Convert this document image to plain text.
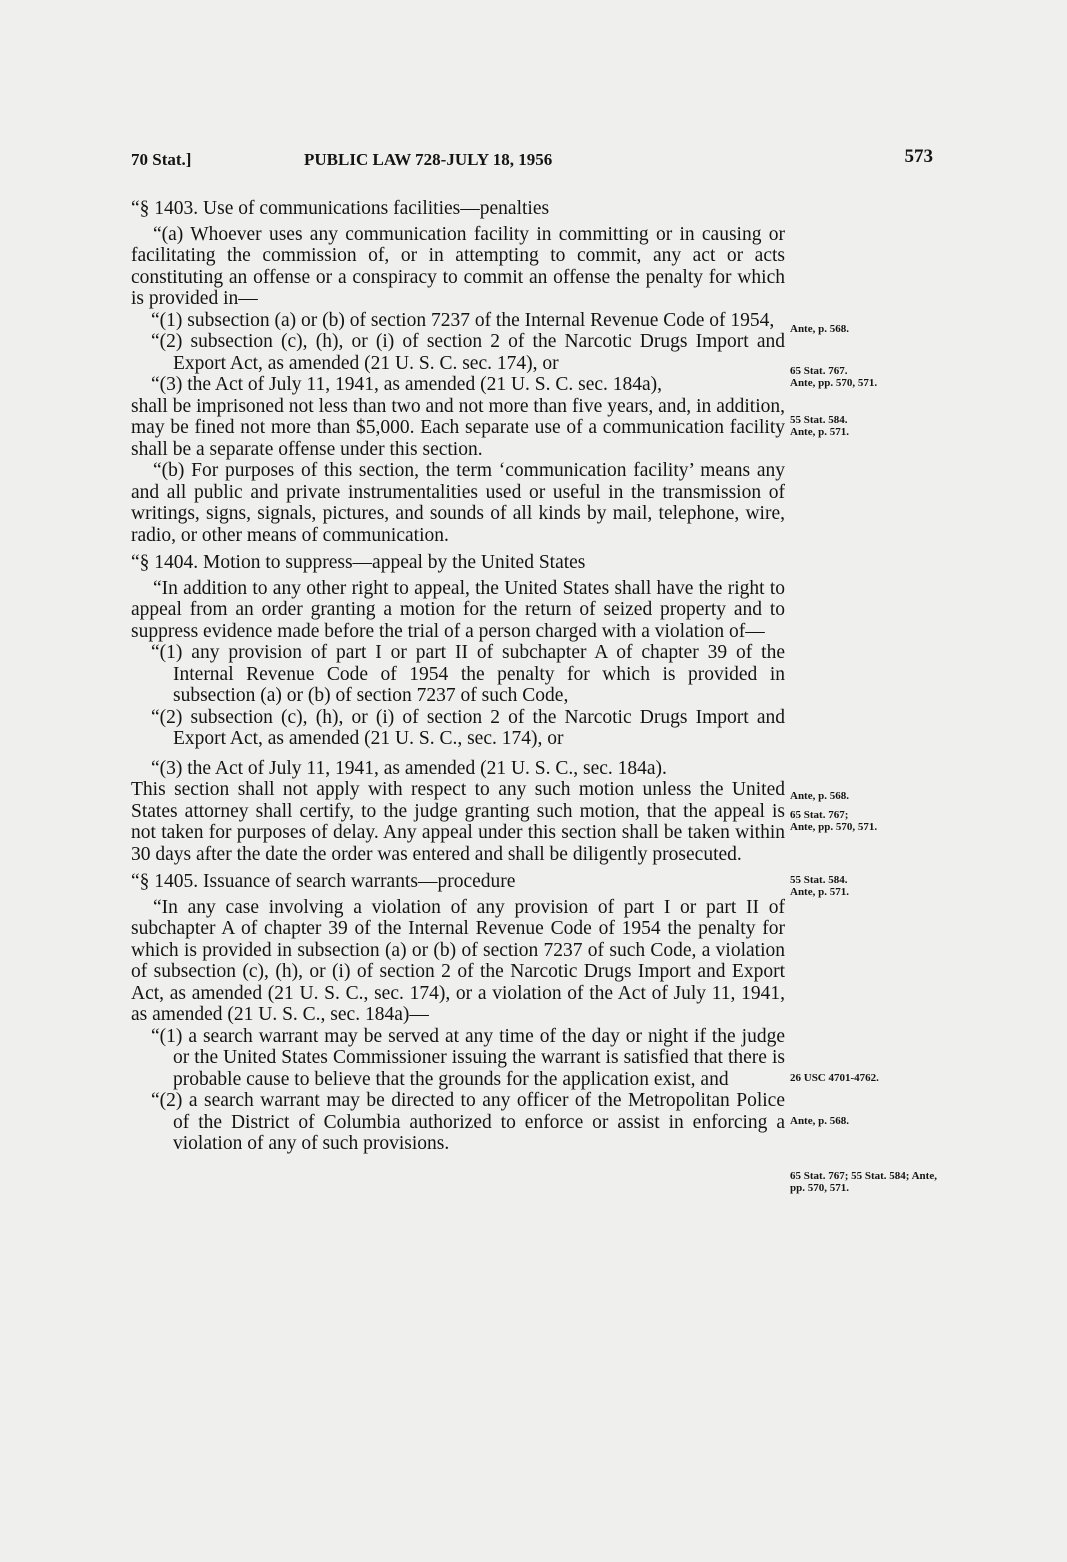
70 Stat.]	PUBLIC LAW 728-JULY 18, 1956	573

“§ 1403. Use of communications facilities—penalties

“(a) Whoever uses any communication facility in committing or in causing or facilitating the commission of, or in attempting to commit, any act or acts constituting an offense or a conspiracy to commit an offense the penalty for which is provided in—

“(1) subsection (a) or (b) of section 7237 of the Internal Revenue Code of 1954,

“(2) subsection (c), (h), or (i) of section 2 of the Narcotic Drugs Import and Export Act, as amended (21 U. S. C. sec. 174), or

“(3) the Act of July 11, 1941, as amended (21 U. S. C. sec. 184a),

shall be imprisoned not less than two and not more than five years, and, in addition, may be fined not more than $5,000. Each separate use of a communication facility shall be a separate offense under this section.

“(b) For purposes of this section, the term ‘communication facility’ means any and all public and private instrumentalities used or useful in the transmission of writings, signs, signals, pictures, and sounds of all kinds by mail, telephone, wire, radio, or other means of communication.

“§ 1404. Motion to suppress—appeal by the United States

“In addition to any other right to appeal, the United States shall have the right to appeal from an order granting a motion for the return of seized property and to suppress evidence made before the trial of a person charged with a violation of—

“(1) any provision of part I or part II of subchapter A of chapter 39 of the Internal Revenue Code of 1954 the penalty for which is provided in subsection (a) or (b) of section 7237 of such Code,

“(2) subsection (c), (h), or (i) of section 2 of the Narcotic Drugs Import and Export Act, as amended (21 U. S. C., sec. 174), or

“(3) the Act of July 11, 1941, as amended (21 U. S. C., sec. 184a).

This section shall not apply with respect to any such motion unless the United States attorney shall certify, to the judge granting such motion, that the appeal is not taken for purposes of delay. Any appeal under this section shall be taken within 30 days after the date the order was entered and shall be diligently prosecuted.

“§ 1405. Issuance of search warrants—procedure

“In any case involving a violation of any provision of part I or part II of subchapter A of chapter 39 of the Internal Revenue Code of 1954 the penalty for which is provided in subsection (a) or (b) of section 7237 of such Code, a violation of subsection (c), (h), or (i) of section 2 of the Narcotic Drugs Import and Export Act, as amended (21 U. S. C., sec. 174), or a violation of the Act of July 11, 1941, as amended (21 U. S. C., sec. 184a)—

“(1) a search warrant may be served at any time of the day or night if the judge or the United States Commissioner issuing the warrant is satisfied that there is probable cause to believe that the grounds for the application exist, and

“(2) a search warrant may be directed to any officer of the Metropolitan Police of the District of Columbia authorized to enforce or assist in enforcing a violation of any of such provisions.

Ante, p. 568.
65 Stat. 767.
Ante, pp. 570, 571.
55 Stat. 584.
Ante, p. 571.
Ante, p. 568.
65 Stat. 767;
Ante, pp. 570, 571.
55 Stat. 584.
Ante, p. 571.
26 USC 4701-4762.
Ante, p. 568.
65 Stat. 767; 55 Stat. 584; Ante, pp. 570, 571.
